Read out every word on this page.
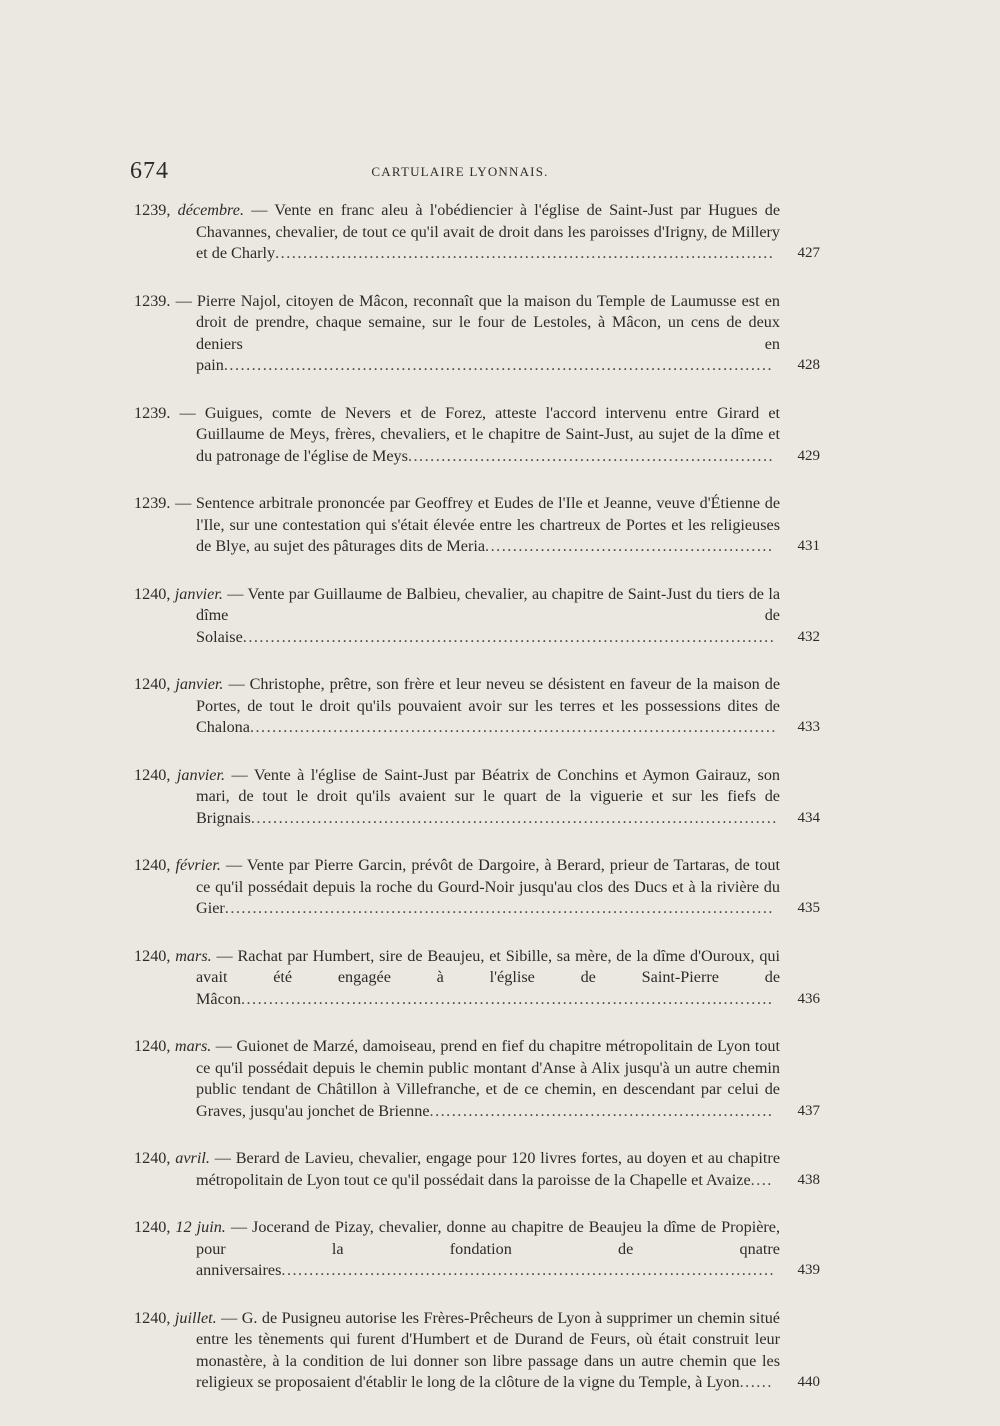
674	CARTULAIRE LYONNAIS.
1239, décembre. — Vente en franc aleu à l'obédiencier à l'église de Saint-Just par Hugues de Chavannes, chevalier, de tout ce qu'il avait de droit dans les paroisses d'Irigny, de Millery et de Charly..........................................................................................	427
1239. — Pierre Najol, citoyen de Mâcon, reconnaît que la maison du Temple de Laumusse est en droit de prendre, chaque semaine, sur le four de Lestoles, à Mâcon, un cens de deux deniers en pain...................................................................................................	428
1239. — Guigues, comte de Nevers et de Forez, atteste l'accord intervenu entre Girard et Guillaume de Meys, frères, chevaliers, et le chapitre de Saint-Just, au sujet de la dîme et du patronage de l'église de Meys..................................................................	429
1239. — Sentence arbitrale prononcée par Geoffrey et Eudes de l'Ile et Jeanne, veuve d'Étienne de l'Ile, sur une contestation qui s'était élevée entre les chartreux de Portes et les religieuses de Blye, au sujet des pâturages dits de Meria....................................................	431
1240, janvier. — Vente par Guillaume de Balbieu, chevalier, au chapitre de Saint-Just du tiers de la dîme de Solaise................................................................................................	432
1240, janvier. — Christophe, prêtre, son frère et leur neveu se désistent en faveur de la maison de Portes, de tout le droit qu'ils pouvaient avoir sur les terres et les possessions dites de Chalona...............................................................................................	433
1240, janvier. — Vente à l'église de Saint-Just par Béatrix de Conchins et Aymon Gairauz, son mari, de tout le droit qu'ils avaient sur le quart de la viguerie et sur les fiefs de Brignais...............................................................................................	434
1240, février. — Vente par Pierre Garcin, prévôt de Dargoire, à Berard, prieur de Tartaras, de tout ce qu'il possédait depuis la roche du Gourd-Noir jusqu'au clos des Ducs et à la rivière du Gier...................................................................................................	435
1240, mars. — Rachat par Humbert, sire de Beaujeu, et Sibille, sa mère, de la dîme d'Ouroux, qui avait été engagée à l'église de Saint-Pierre de Mâcon................................................................................................	436
1240, mars. — Guionet de Marzé, damoiseau, prend en fief du chapitre métropolitain de Lyon tout ce qu'il possédait depuis le chemin public montant d'Anse à Alix jusqu'à un autre chemin public tendant de Châtillon à Villefranche, et de ce chemin, en descendant par celui de Graves, jusqu'au jonchet de Brienne..............................................................	437
1240, avril. — Berard de Lavieu, chevalier, engage pour 120 livres fortes, au doyen et au chapitre métropolitain de Lyon tout ce qu'il possédait dans la paroisse de la Chapelle et Avaize....	438
1240, 12 juin. — Jocerand de Pizay, chevalier, donne au chapitre de Beaujeu la dîme de Propière, pour la fondation de qnatre anniversaires.........................................................................................	439
1240, juillet. — G. de Pusigneu autorise les Frères-Prêcheurs de Lyon à supprimer un chemin situé entre les tènements qui furent d'Humbert et de Durand de Feurs, où était construit leur monastère, à la condition de lui donner son libre passage dans un autre chemin que les religieux se proposaient d'établir le long de la clôture de la vigne du Temple, à Lyon......	440
